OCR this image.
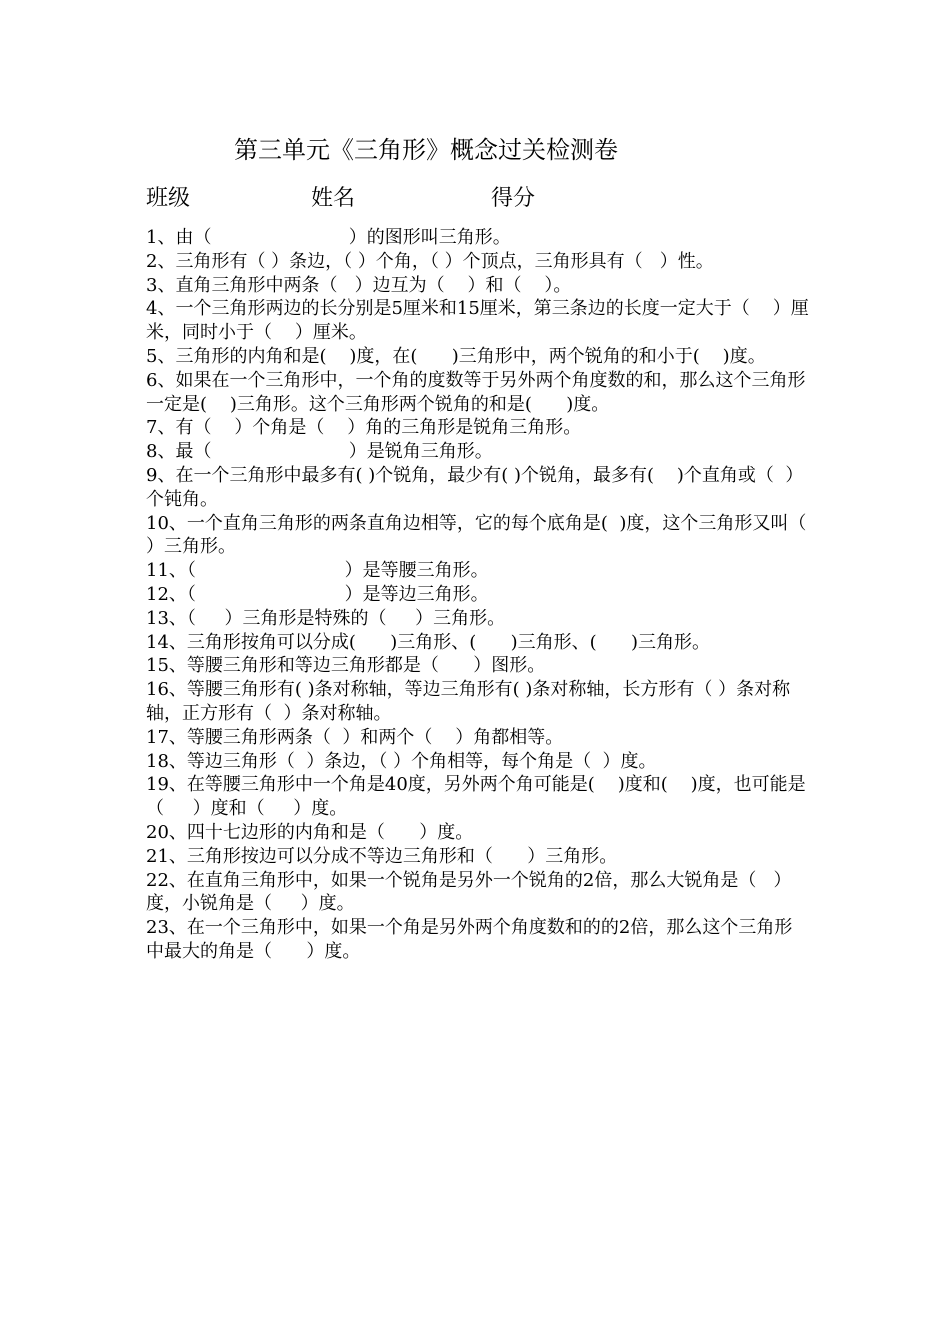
第三单元《三角形》概念过关检测卷
班级	姓名	得分
1、由（                        ）的图形叫三角形。
2、三角形有（ ）条边，（ ）个角，（ ）个顶点，三角形具有（   ）性。
3、直角三角形中两条（   ）边互为（    ）和（    ）。
4、一个三角形两边的长分别是5厘米和15厘米，第三条边的长度一定大于（    ）厘米，同时小于（    ）厘米。
5、三角形的内角和是(    )度，在(      )三角形中，两个锐角的和小于(    )度。
6、如果在一个三角形中，一个角的度数等于另外两个角度数的和，那么这个三角形一定是(    )三角形。这个三角形两个锐角的和是(      )度。
7、有（    ）个角是（    ）角的三角形是锐角三角形。
8、最（                        ）是锐角三角形。
9、在一个三角形中最多有( )个锐角，最少有( )个锐角，最多有(    )个直角或（  ）个钝角。
10、一个直角三角形的两条直角边相等，它的每个底角是(  )度，这个三角形又叫（         ）三角形。
11、（                          ）是等腰三角形。
12、（                          ）是等边三角形。
13、（     ）三角形是特殊的（     ）三角形。
14、三角形按角可以分成(      )三角形、(      )三角形、(      )三角形。
15、等腰三角形和等边三角形都是（      ）图形。
16、等腰三角形有( )条对称轴，等边三角形有( )条对称轴，长方形有（ ）条对称轴，正方形有（  ）条对称轴。
17、等腰三角形两条（  ）和两个（    ）角都相等。
18、等边三角形（  ）条边，（ ）个角相等，每个角是（  ）度。
19、在等腰三角形中一个角是40度，另外两个角可能是(    )度和(    )度，也可能是（     ）度和（     ）度。
20、四十七边形的内角和是（      ）度。
21、三角形按边可以分成不等边三角形和（      ）三角形。
22、在直角三角形中，如果一个锐角是另外一个锐角的2倍，那么大锐角是（   ）度，小锐角是（     ）度。
23、在一个三角形中，如果一个角是另外两个角度数和的的2倍，那么这个三角形中最大的角是（      ）度。
